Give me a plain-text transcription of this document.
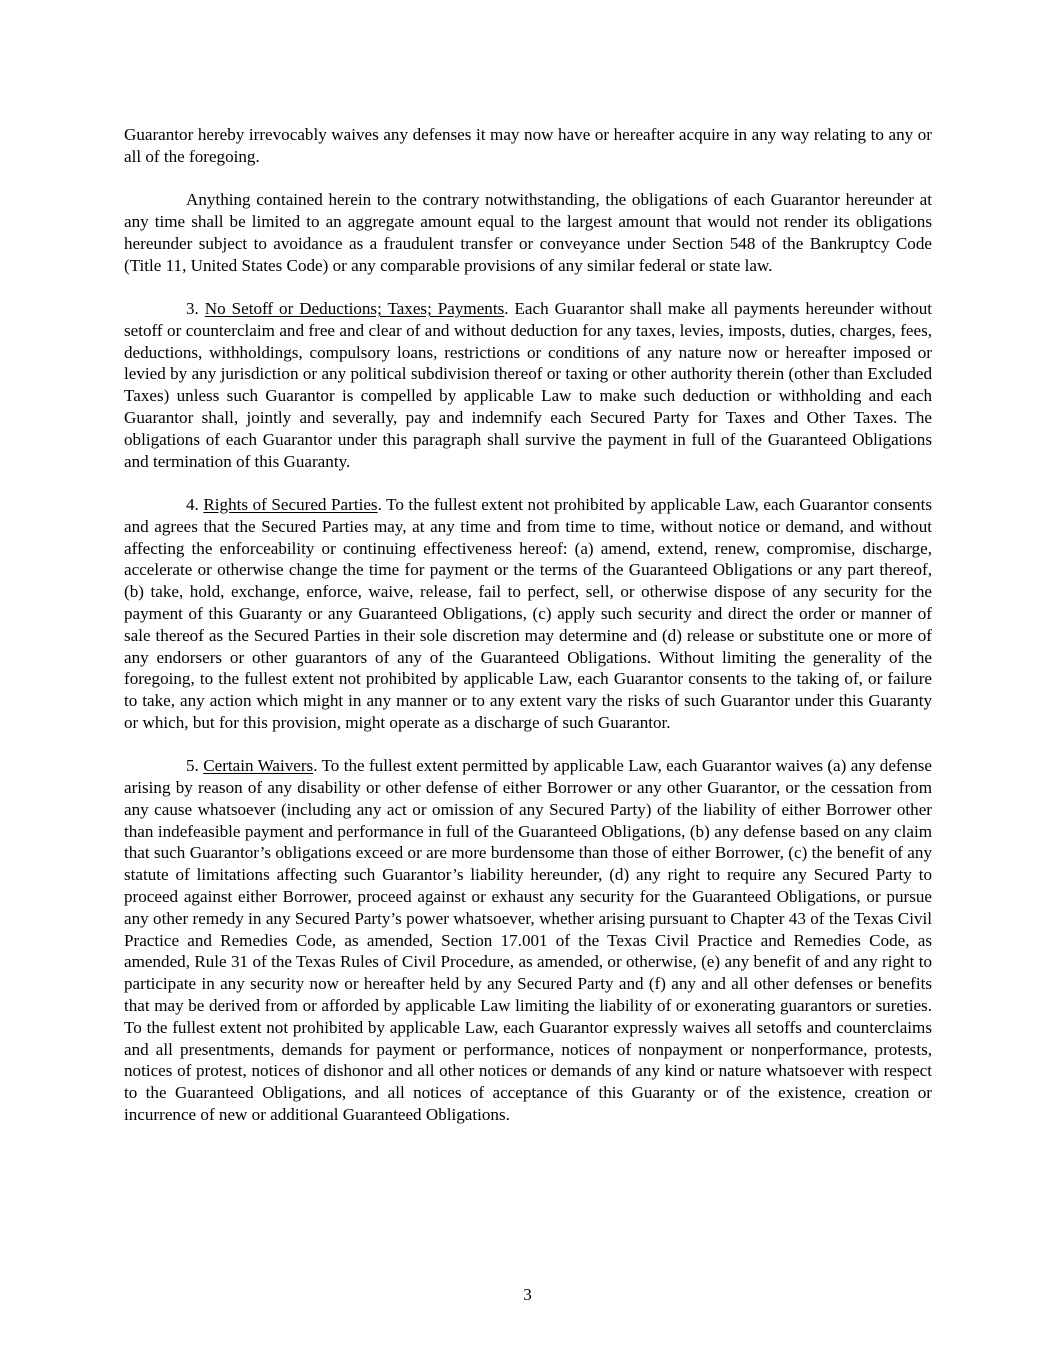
Guarantor hereby irrevocably waives any defenses it may now have or hereafter acquire in any way relating to any or all of the foregoing.

Anything contained herein to the contrary notwithstanding, the obligations of each Guarantor hereunder at any time shall be limited to an aggregate amount equal to the largest amount that would not render its obligations hereunder subject to avoidance as a fraudulent transfer or conveyance under Section 548 of the Bankruptcy Code (Title 11, United States Code) or any comparable provisions of any similar federal or state law.

3. No Setoff or Deductions; Taxes; Payments. Each Guarantor shall make all payments hereunder without setoff or counterclaim and free and clear of and without deduction for any taxes, levies, imposts, duties, charges, fees, deductions, withholdings, compulsory loans, restrictions or conditions of any nature now or hereafter imposed or levied by any jurisdiction or any political subdivision thereof or taxing or other authority therein (other than Excluded Taxes) unless such Guarantor is compelled by applicable Law to make such deduction or withholding and each Guarantor shall, jointly and severally, pay and indemnify each Secured Party for Taxes and Other Taxes. The obligations of each Guarantor under this paragraph shall survive the payment in full of the Guaranteed Obligations and termination of this Guaranty.

4. Rights of Secured Parties. To the fullest extent not prohibited by applicable Law, each Guarantor consents and agrees that the Secured Parties may, at any time and from time to time, without notice or demand, and without affecting the enforceability or continuing effectiveness hereof: (a) amend, extend, renew, compromise, discharge, accelerate or otherwise change the time for payment or the terms of the Guaranteed Obligations or any part thereof, (b) take, hold, exchange, enforce, waive, release, fail to perfect, sell, or otherwise dispose of any security for the payment of this Guaranty or any Guaranteed Obligations, (c) apply such security and direct the order or manner of sale thereof as the Secured Parties in their sole discretion may determine and (d) release or substitute one or more of any endorsers or other guarantors of any of the Guaranteed Obligations. Without limiting the generality of the foregoing, to the fullest extent not prohibited by applicable Law, each Guarantor consents to the taking of, or failure to take, any action which might in any manner or to any extent vary the risks of such Guarantor under this Guaranty or which, but for this provision, might operate as a discharge of such Guarantor.

5. Certain Waivers. To the fullest extent permitted by applicable Law, each Guarantor waives (a) any defense arising by reason of any disability or other defense of either Borrower or any other Guarantor, or the cessation from any cause whatsoever (including any act or omission of any Secured Party) of the liability of either Borrower other than indefeasible payment and performance in full of the Guaranteed Obligations, (b) any defense based on any claim that such Guarantor’s obligations exceed or are more burdensome than those of either Borrower, (c) the benefit of any statute of limitations affecting such Guarantor’s liability hereunder, (d) any right to require any Secured Party to proceed against either Borrower, proceed against or exhaust any security for the Guaranteed Obligations, or pursue any other remedy in any Secured Party’s power whatsoever, whether arising pursuant to Chapter 43 of the Texas Civil Practice and Remedies Code, as amended, Section 17.001 of the Texas Civil Practice and Remedies Code, as amended, Rule 31 of the Texas Rules of Civil Procedure, as amended, or otherwise, (e) any benefit of and any right to participate in any security now or hereafter held by any Secured Party and (f) any and all other defenses or benefits that may be derived from or afforded by applicable Law limiting the liability of or exonerating guarantors or sureties. To the fullest extent not prohibited by applicable Law, each Guarantor expressly waives all setoffs and counterclaims and all presentments, demands for payment or performance, notices of nonpayment or nonperformance, protests, notices of protest, notices of dishonor and all other notices or demands of any kind or nature whatsoever with respect to the Guaranteed Obligations, and all notices of acceptance of this Guaranty or of the existence, creation or incurrence of new or additional Guaranteed Obligations.

3
